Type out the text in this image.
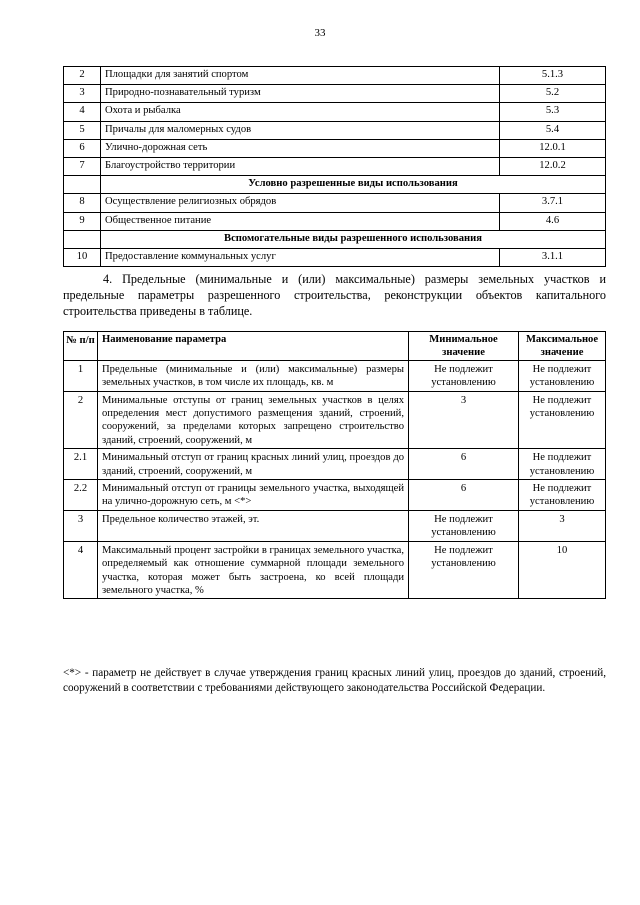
33
2	Площадки для занятий спортом	5.1.3
3	Природно-познавательный туризм	5.2
4	Охота и рыбалка	5.3
5	Причалы для маломерных судов	5.4
6	Улично-дорожная сеть	12.0.1
7	Благоустройство территории	12.0.2
	Условно разрешенные виды использования	
8	Осуществление религиозных обрядов	3.7.1
9	Общественное питание	4.6
	Вспомогательные виды разрешенного использования	
10	Предоставление коммунальных услуг	3.1.1
4. Предельные (минимальные и (или) максимальные) размеры земельных участков и предельные параметры разрешенного строительства, реконструкции объектов капитального строительства приведены в таблице.
№ п/п	Наименование параметра	Минимальное значение	Максимальное значение
1	Предельные (минимальные и (или) максимальные) размеры земельных участков, в том числе их площадь, кв. м	Не подлежит установлению	Не подлежит установлению
2	Минимальные отступы от границ земельных участков в целях определения мест допустимого размещения зданий, строений, сооружений, за пределами которых запрещено строительство зданий, строений, сооружений, м	3	Не подлежит установлению
2.1	Минимальный отступ от границ красных линий улиц, проездов до зданий, строений, сооружений, м	6	Не подлежит установлению
2.2	Минимальный отступ от границы земельного участка, выходящей на улично-дорожную сеть, м <*>	6	Не подлежит установлению
3	Предельное количество этажей, эт.	Не подлежит установлению	3
4	Максимальный процент застройки в границах земельного участка, определяемый как отношение суммарной площади земельного участка, которая может быть застроена, ко всей площади земельного участка, %	Не подлежит установлению	10
<*> - параметр не действует в случае утверждения границ красных линий улиц, проездов до зданий, строений, сооружений в соответствии с требованиями действующего законодательства Российской Федерации.
